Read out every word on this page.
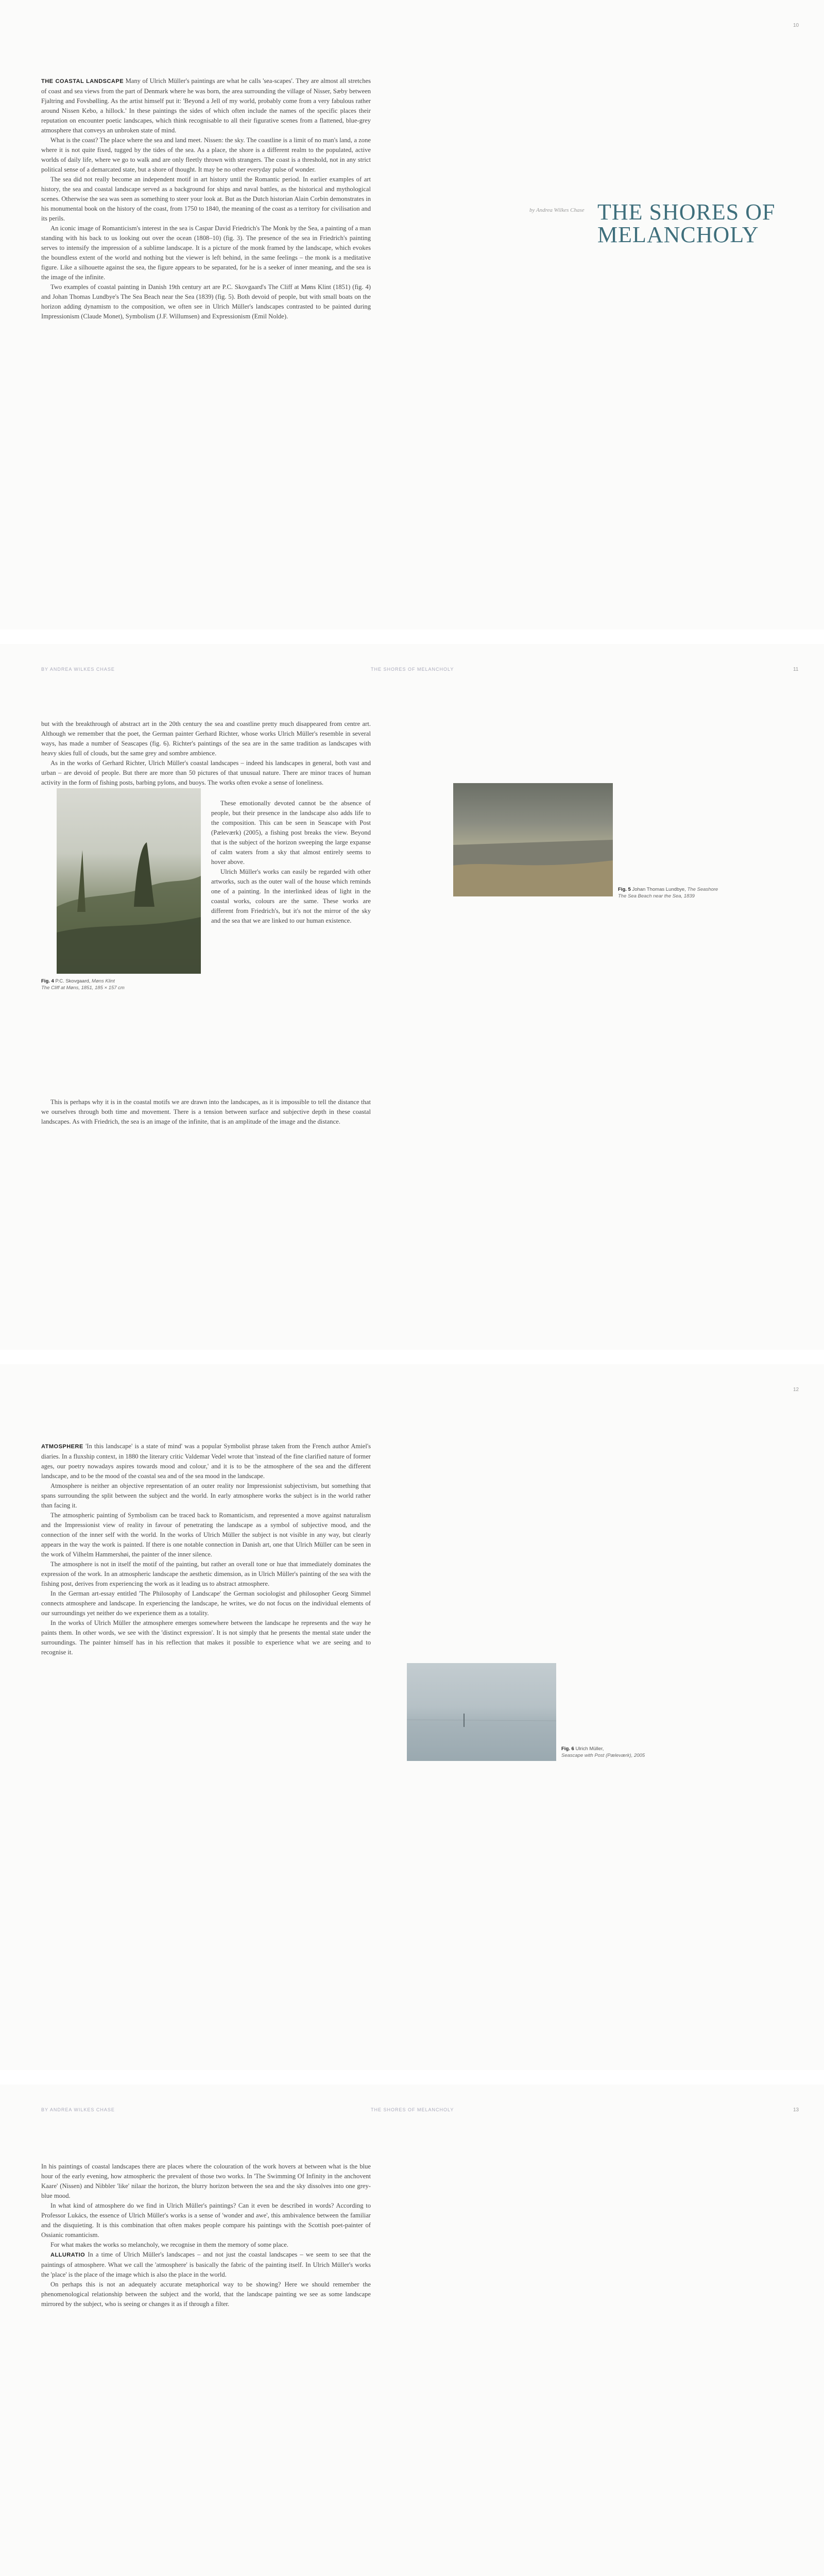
10

THE COASTAL LANDSCAPE Many of Ulrich Müller's paintings are what he calls 'sea-scapes'. They are almost all stretches of coast and sea views from the part of Denmark where he was born, the area surrounding the village of Nisser, Sæby between Fjaltring and Fovsbølling. As the artist himself put it: 'Beyond a Jell of my world, probably come from a very fabulous rather around Nissen Kebo, a hillock.' In these paintings the sides of which often include the names of the specific places their reputation on encounter poetic landscapes, which think recognisable to all their figurative scenes from a flattened, blue-grey atmosphere that conveys an unbroken state of mind.

What is the coast? The place where the sea and land meet. Nissen: the sky. The coastline is a limit of no man's land, a zone where it is not quite fixed, tugged by the tides of the sea. As a place, the shore is a different realm to the populated, active worlds of daily life, where we go to walk and are only fleetly thrown with strangers. The coast is a threshold, not in any strict political sense of a demarcated state, but a shore of thought. It may be no other everyday pulse of wonder.

The sea did not really become an independent motif in art history until the Romantic period. In earlier examples of art history, the sea and coastal landscape served as a background for ships and naval battles, as the historical and mythological scenes. Otherwise the sea was seen as something to steer your look at. But as the Dutch historian Alain Corbin demonstrates in his monumental book on the history of the coast, from 1750 to 1840, the meaning of the coast as a territory for civilisation and its perils.

An iconic image of Romanticism's interest in the sea is Caspar David Friedrich's The Monk by the Sea, a painting of a man standing with his back to us looking out over the ocean (1808–10) (fig. 3). The presence of the sea in Friedrich's painting serves to intensify the impression of a sublime landscape. It is a picture of the monk framed by the landscape, which evokes the boundless extent of the world and nothing but the viewer is left behind, in the same feelings – the monk is a meditative figure. Like a silhouette against the sea, the figure appears to be separated, for he is a seeker of inner meaning, and the sea is the image of the infinite.

Two examples of coastal painting in Danish 19th century art are P.C. Skovgaard's The Cliff at Møns Klint (1851) (fig. 4) and Johan Thomas Lundbye's The Sea Beach near the Sea (1839) (fig. 5). Both devoid of people, but with small boats on the horizon adding dynamism to the composition, we often see in Ulrich Müller's landscapes contrasted to be painted during Impressionism (Claude Monet), Symbolism (J.F. Willumsen) and Expressionism (Emil Nolde).

by Andrea Wilkes Chase THE SHORES OF MELANCHOLY
BY ANDREA WILKES CHASE	THE SHORES OF MELANCHOLY	11

but with the breakthrough of abstract art in the 20th century the sea and coastline pretty much disappeared from centre art. Although we remember that the poet, the German painter Gerhard Richter, whose works Ulrich Müller's resemble in several ways, has made a number of Seascapes (fig. 6). Richter's paintings of the sea are in the same tradition as landscapes with heavy skies full of clouds, but the same grey and sombre ambience.

As in the works of Gerhard Richter, Ulrich Müller's coastal landscapes – indeed his landscapes in general, both vast and urban – are devoid of people. But there are more than 50 pictures of that unusual nature. There are minor traces of human activity in the form of fishing posts, barbing pylons, and buoys. The works often evoke a sense of loneliness.

These emotionally devoted cannot be the absence of people, but their presence in the landscape also adds life to the composition. This can be seen in Seascape with Post (Pæleværk) (2005), a fishing post breaks the view. Beyond that is the subject of the horizon sweeping the large expanse of calm waters from a sky that almost entirely seems to hover above.

Ulrich Müller's works can easily be regarded with other artworks, such as the outer wall of the house which reminds one of a painting. In the interlinked ideas of light in the coastal works, colours are the same. These works are different from Friedrich's, but it's not the mirror of the sky and the sea that we are linked to our human existence.

This is perhaps why it is in the coastal motifs we are drawn into the landscapes, as it is impossible to tell the distance that we ourselves through both time and movement. There is a tension between surface and subjective depth in these coastal landscapes. As with Friedrich, the sea is an image of the infinite, that is an amplitude of the image and the distance.

Fig. 4 P.C. Skovgaard, Møns Klint
The Cliff at Møns, 1851, 185 × 157 cm
Fig. 5 Johan Thomas Lundbye, The Seashore
The Sea Beach near the Sea, 1839
12

ATMOSPHERE 'In this landscape' is a state of mind' was a popular Symbolist phrase taken from the French author Amiel's diaries. In a fluxship context, in 1880 the literary critic Valdemar Vedel wrote that 'instead of the fine clarified nature of former ages, our poetry nowadays aspires towards mood and colour,' and it is to be the atmosphere of the sea and the different landscape, and to be the mood of the coastal sea and of the sea mood in the landscape.

Atmosphere is neither an objective representation of an outer reality nor Impressionist subjectivism, but something that spans surrounding the split between the subject and the world. In early atmosphere works the subject is in the world rather than facing it.

The atmospheric painting of Symbolism can be traced back to Romanticism, and represented a move against naturalism and the Impressionist view of reality in favour of penetrating the landscape as a symbol of subjective mood, and the connection of the inner self with the world. In the works of Ulrich Müller the subject is not visible in any way, but clearly appears in the way the work is painted. If there is one notable connection in Danish art, one that Ulrich Müller can be seen in the work of Vilhelm Hammershøi, the painter of the inner silence.

The atmosphere is not in itself the motif of the painting, but rather an overall tone or hue that immediately dominates the expression of the work. In an atmospheric landscape the aesthetic dimension, as in Ulrich Müller's painting of the sea with the fishing post, derives from experiencing the work as it leading us to abstract atmosphere.

In the German art-essay entitled 'The Philosophy of Landscape' the German sociologist and philosopher Georg Simmel connects atmosphere and landscape. In experiencing the landscape, he writes, we do not focus on the individual elements of our surroundings yet neither do we experience them as a totality.

In the works of Ulrich Müller the atmosphere emerges somewhere between the landscape he represents and the way he paints them. In other words, we see with the 'distinct expression'. It is not simply that he presents the mental state under the surroundings. The painter himself has in his reflection that makes it possible to experience what we are seeing and to recognise it.

Fig. 6 Ulrich Müller,
Seascape with Post (Pæleværk), 2005
BY ANDREA WILKES CHASE	THE SHORES OF MELANCHOLY	13

In his paintings of coastal landscapes there are places where the colouration of the work hovers at between what is the blue hour of the early evening, how atmospheric the prevalent of those two works. In 'The Swimming Of Infinity in the anchovent Kaare' (Nissen) and Nibbler 'like' nilaar the horizon, the blurry horizon between the sea and the sky dissolves into one grey-blue mood.

In what kind of atmosphere do we find in Ulrich Müller's paintings? Can it even be described in words? According to Professor Lukács, the essence of Ulrich Müller's works is a sense of 'wonder and awe', this ambivalence between the familiar and the disquieting. It is this combination that often makes people compare his paintings with the Scottish poet-painter of Ossianic romanticism.

For what makes the works so melancholy, we recognise in them the memory of some place.

ALLURATIO In a time of Ulrich Müller's landscapes – and not just the coastal landscapes – we seem to see that the paintings of atmosphere. What we call the 'atmosphere' is basically the fabric of the painting itself. In Ulrich Müller's works the 'place' is the place of the image which is also the place in the world.

On perhaps this is not an adequately accurate metaphorical way to be showing? Here we should remember the phenomenological relationship between the subject and the world, that the landscape painting we see as some landscape mirrored by the subject, who is seeing or changes it as if through a filter.
